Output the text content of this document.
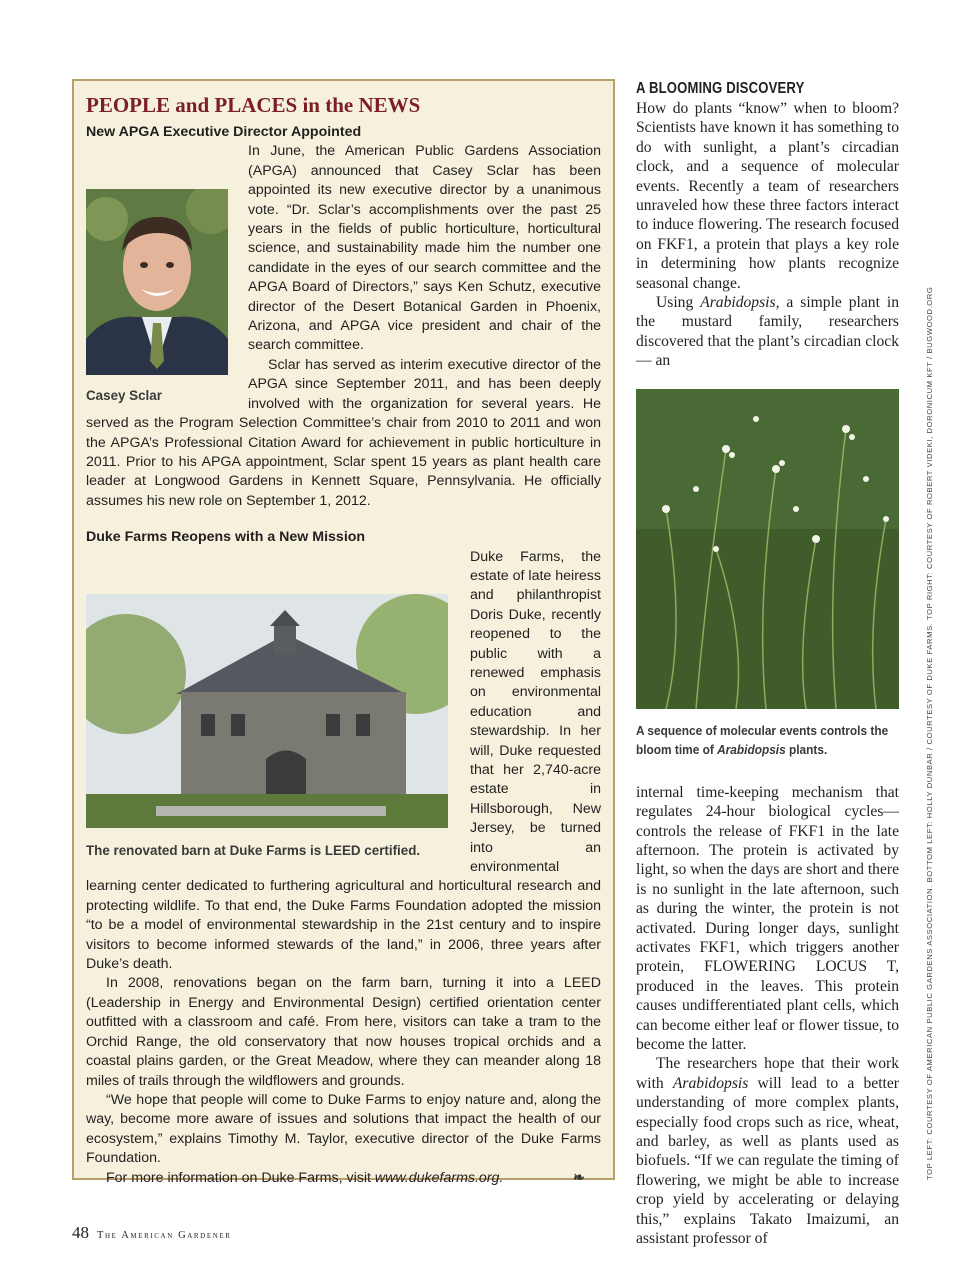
PEOPLE and PLACES in the NEWS
New APGA Executive Director Appointed
Casey Sclar

In June, the American Public Gardens Association (APGA) announced that Casey Sclar has been appointed its new executive director by a unanimous vote. “Dr. Sclar’s accomplishments over the past 25 years in the fields of public horticulture, horticultural science, and sustainability made him the number one candidate in the eyes of our search committee and the APGA Board of Directors,” says Ken Schutz, executive director of the Desert Botanical Garden in Phoenix, Arizona, and APGA vice president and chair of the search committee.

Sclar has served as interim executive director of the APGA since September 2011, and has been deeply involved with the organization for several years. He served as the Program Selection Committee’s chair from 2010 to 2011 and won the APGA’s Professional Citation Award for achievement in public horticulture in 2011. Prior to his APGA appointment, Sclar spent 15 years as plant health care leader at Longwood Gardens in Kennett Square, Pennsylvania. He officially assumes his new role on September 1, 2012.

Duke Farms Reopens with a New Mission
The renovated barn at Duke Farms is LEED certified.

Duke Farms, the estate of late heiress and philanthropist Doris Duke, recently reopened to the public with a renewed emphasis on environmental education and stewardship. In her will, Duke requested that her 2,740-acre estate in Hillsborough, New Jersey, be turned into an environmental learning center dedicated to furthering agricultural and horticultural research and protecting wildlife. To that end, the Duke Farms Foundation adopted the mission “to be a model of environmental stewardship in the 21st century and to inspire visitors to become informed stewards of the land,” in 2006, three years after Duke’s death.

In 2008, renovations began on the farm barn, turning it into a LEED (Leadership in Energy and Environmental Design) certified orientation center outfitted with a classroom and café. From here, visitors can take a tram to the Orchid Range, the old conservatory that now houses tropical orchids and a coastal plains garden, or the Great Meadow, where they can meander along 18 miles of trails through the wildflowers and grounds.

“We hope that people will come to Duke Farms to enjoy nature and, along the way, become more aware of issues and solutions that impact the health of our ecosystem,” explains Timothy M. Taylor, executive director of the Duke Farms Foundation.

For more information on Duke Farms, visit www.dukefarms.org.	❧

A BLOOMING DISCOVERY

How do plants “know” when to bloom? Scientists have known it has something to do with sunlight, a plant’s circadian clock, and a sequence of molecular events. Recently a team of researchers unraveled how these three factors interact to induce flowering. The research focused on FKF1, a protein that plays a key role in determining how plants recognize seasonal change.

Using Arabidopsis, a simple plant in the mustard family, researchers discovered that the plant’s circadian clock— an

A sequence of molecular events controls the bloom time of Arabidopsis plants.

internal time-keeping mechanism that regulates 24-hour biological cycles—controls the release of FKF1 in the late afternoon. The protein is activated by light, so when the days are short and there is no sunlight in the late afternoon, such as during the winter, the protein is not activated. During longer days, sunlight activates FKF1, which triggers another protein, FLOWERING LOCUS T, produced in the leaves. This protein causes undifferentiated plant cells, which can become either leaf or flower tissue, to become the latter.

The researchers hope that their work with Arabidopsis will lead to a better understanding of more complex plants, especially food crops such as rice, wheat, and barley, as well as plants used as biofuels. “If we can regulate the timing of flowering, we might be able to increase crop yield by accelerating or delaying this,” explains Takato Imaizumi, an assistant professor of

TOP LEFT: COURTESY OF AMERICAN PUBLIC GARDENS ASSOCIATION. BOTTOM LEFT: HOLLY DUNBAR / COURTESY OF DUKE FARMS. TOP RIGHT: COURTESY OF ROBERT VIDEKI, DORONICUM KFT / BUGWOOD.ORG
48 The American Gardener
